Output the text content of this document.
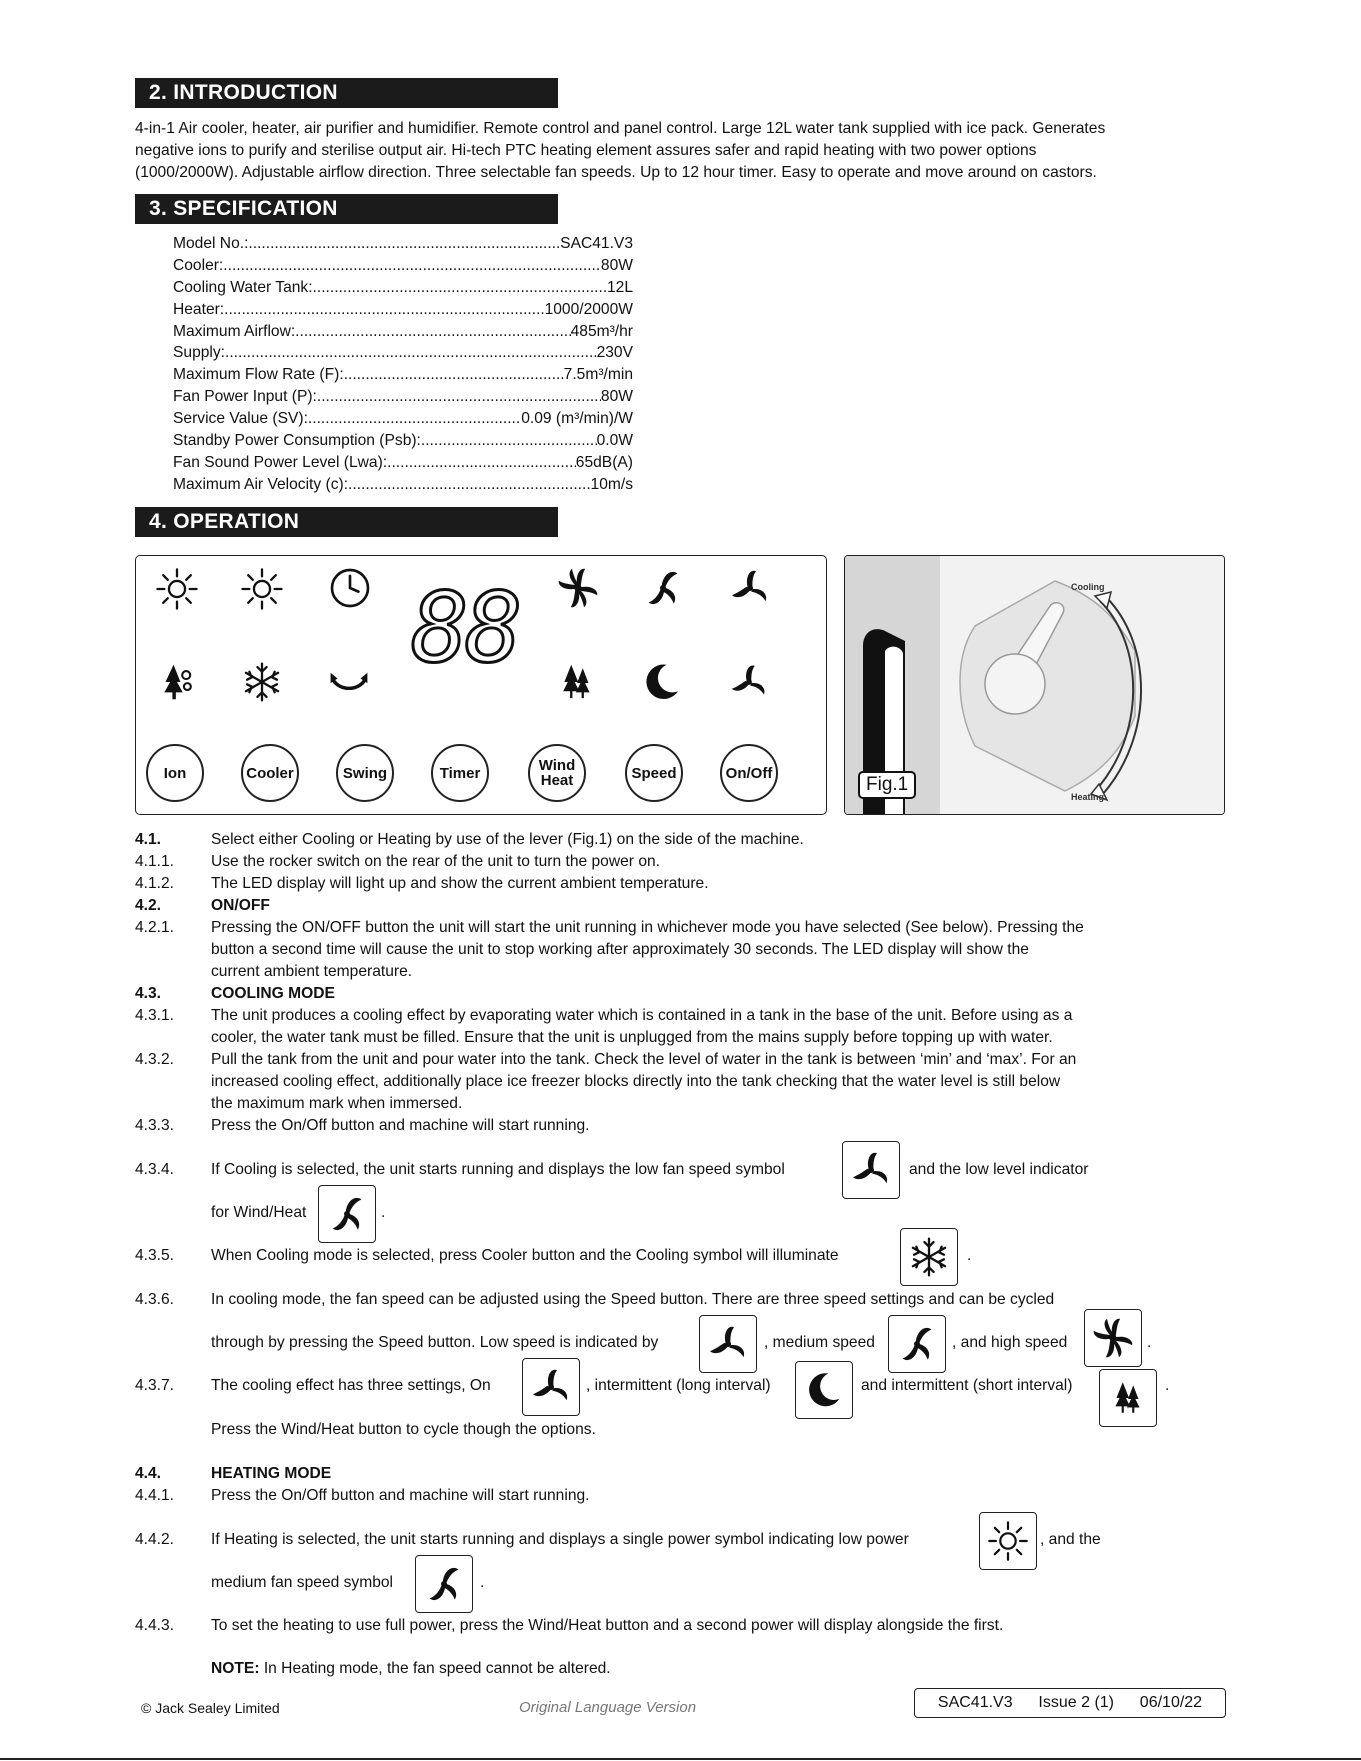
2. INTRODUCTION
4-in-1 Air cooler, heater, air purifier and humidifier. Remote control and panel control. Large 12L water tank supplied with ice pack. Generates
negative ions to purify and sterilise output air. Hi-tech PTC heating element assures safer and rapid heating with two power options
(1000/2000W). Adjustable airflow direction. Three selectable fan speeds. Up to 12 hour timer. Easy to operate and move around on castors.
3. SPECIFICATION
Model No.: .....	SAC41.V3
Cooler: .....	80W
Cooling Water Tank: .....	12L
Heater: .....	1000/2000W
Maximum Airflow: .....	485m³/hr
Supply: .....	230V
Maximum Flow Rate (F): .....	7.5m³/min
Fan Power Input (P): .....	80W
Service Value (SV): .....	0.09 (m³/min)/W
Standby Power Consumption (Psb): .....	0.0W
Fan Sound Power Level (Lwa): .....	65dB(A)
Maximum Air Velocity (c): .....	10m/s
4. OPERATION
88
Ion	Cooler	Swing	Timer	Wind
Heat	Speed	On/Off
Cooling
Heating
Fig.1
4.1.	Select either Cooling or Heating by use of the lever (Fig.1) on the side of the machine.
4.1.1. Use the rocker switch on the rear of the unit to turn the power on.
4.1.2. The LED display will light up and show the current ambient temperature.
4.2.	ON/OFF
4.2.1. Pressing the ON/OFF button the unit will start the unit running in whichever mode you have selected (See below). Pressing the
button a second time will cause the unit to stop working after approximately 30 seconds. The LED display will show the
current ambient temperature.
4.3.	COOLING MODE
4.3.1. The unit produces a cooling effect by evaporating water which is contained in a tank in the base of the unit. Before using as a
cooler, the water tank must be filled. Ensure that the unit is unplugged from the mains supply before topping up with water.
4.3.2. Pull the tank from the unit and pour water into the tank. Check the level of water in the tank is between ‘min’ and ‘max’. For an
increased cooling effect, additionally place ice freezer blocks directly into the tank checking that the water level is still below
the maximum mark when immersed.
4.3.3. Press the On/Off button and machine will start running.
4.3.4. If Cooling is selected, the unit starts running and displays the low fan speed symbol	and the low level indicator
for Wind/Heat	.
4.3.5. When Cooling mode is selected, press Cooler button and the Cooling symbol will illuminate	.
4.3.6. In cooling mode, the fan speed can be adjusted using the Speed button. There are three speed settings and can be cycled
through by pressing the Speed button. Low speed is indicated by	, medium speed	, and high speed	.
4.3.7. The cooling effect has three settings, On	, intermittent (long interval)	and intermittent (short interval)	.
Press the Wind/Heat button to cycle though the options.
4.4.	HEATING MODE
4.4.1. Press the On/Off button and machine will start running.
4.4.2. If Heating is selected, the unit starts running and displays a single power symbol indicating low power	, and the
medium fan speed symbol	.
4.4.3. To set the heating to use full power, press the Wind/Heat button and a second power will display alongside the first.
NOTE: In Heating mode, the fan speed cannot be altered.
© Jack Sealey Limited	Original Language Version	SAC41.V3 Issue 2 (1) 06/10/22
